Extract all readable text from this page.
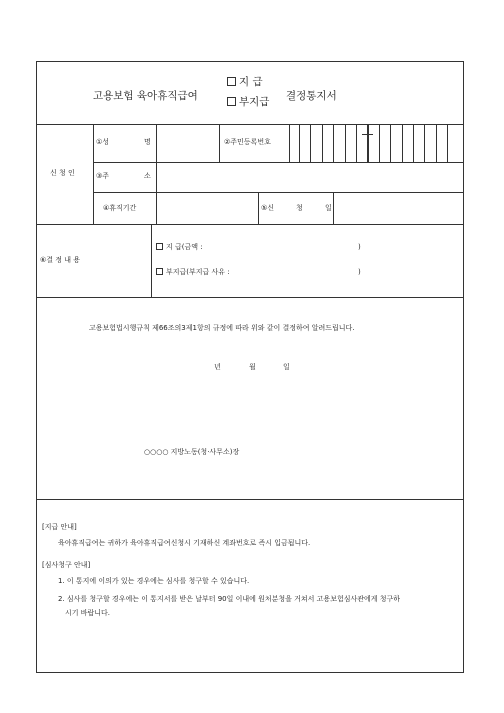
고용보험 육아휴직급여
지 급
부지급 결정통지서
신 청 인
①성	명	②주민등록번호
③주	소
④휴직기간	⑤신	청	일
⑥결 정 내 용
지 급(금액 :	)
부지급(부지급 사유 :	)
고용보험법시행규칙 제66조의3제1항의 규정에 따라 위와 같이 결정하여 알려드립니다.
년	월	일
○○○○ 지방노동(청·사무소)장
[지급 안내]
육아휴직급여는 귀하가 육아휴직급여신청시 기재하신 계좌번호로 즉시 입금됩니다.
[심사청구 안내]
1. 이 통지에 이의가 있는 경우에는 심사를 청구할 수 있습니다.
2. 심사를 청구할 경우에는 이 통지서를 받은 날부터 90일 이내에 원처분청을 거쳐서 고용보험심사관에게 청구하
시기 바랍니다.
